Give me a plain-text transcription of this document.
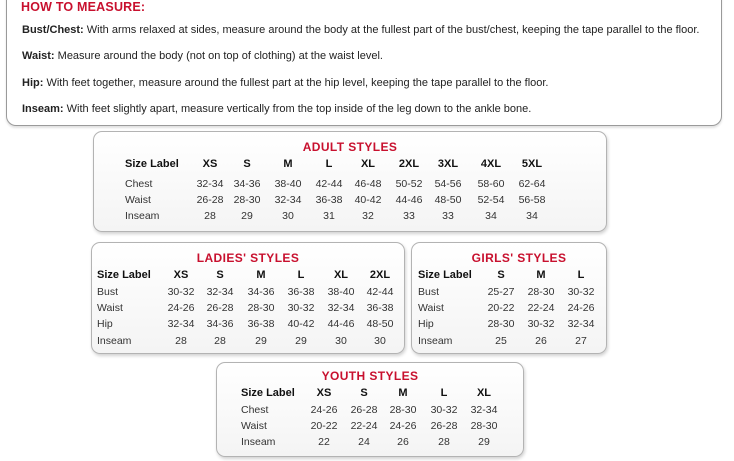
HOW TO MEASURE:
Bust/Chest: With arms relaxed at sides, measure around the body at the fullest part of the bust/chest, keeping the tape parallel to the floor.
Waist: Measure around the body (not on top of clothing) at the waist level.
Hip: With feet together, measure around the fullest part at the hip level, keeping the tape parallel to the floor.
Inseam: With feet slightly apart, measure vertically from the top inside of the leg down to the ankle bone.
ADULT STYLES
Size Label	XS	S	M	L	XL	2XL	3XL	4XL	5XL
Chest	32-34 34-36	38-40	42-44	46-48	50-52	54-56	58-60	62-64
Waist	26-28 28-30	32-34	36-38	40-42	44-46	48-50	52-54	56-58
Inseam	28	29	30	31	32	33	33	34	34
LADIES' STYLES
Size Label	XS	S	M	L	XL	2XL
Bust	30-32	32-34	34-36	36-38	38-40	42-44
Waist	24-26	26-28	28-30	30-32	32-34	36-38
Hip	32-34	34-36	36-38	40-42	44-46	48-50
Inseam	28	28	29	29	30	30
GIRLS' STYLES
Size Label	S	M	L
Bust	25-27	28-30	30-32
Waist	20-22	22-24	24-26
Hip	28-30	30-32	32-34
Inseam	25	26	27
YOUTH STYLES
Size Label	XS	S	M	L	XL
Chest	24-26	26-28	28-30	30-32	32-34
Waist	20-22	22-24	24-26	26-28	28-30
Inseam	22	24	26	28	29
